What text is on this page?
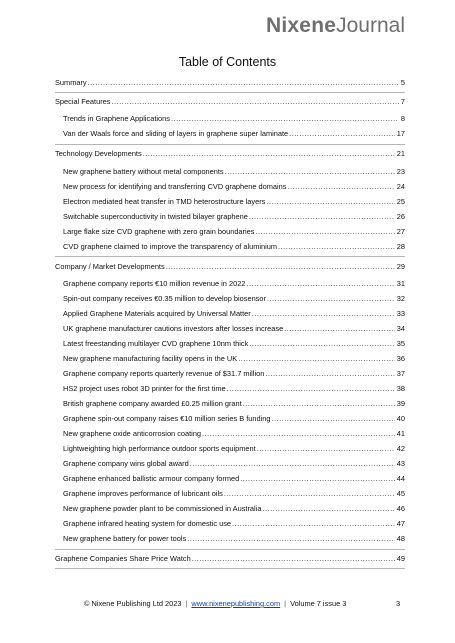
NixeneJournal
Table of Contents
Summary .....	5
Special Features .....	7
Trends in Graphene Applications .....	8
Van der Waals force and sliding of layers in graphene super laminate .....	17
Technology Developments .....	21
New graphene battery without metal components .....	23
New process for identifying and transferring CVD graphene domains .....	24
Electron mediated heat transfer in TMD heterostructure layers .....	25
Switchable superconductivity in twisted bilayer graphene .....	26
Large flake size CVD graphene with zero grain boundaries .....	27
CVD graphene claimed to improve the transparency of aluminium .....	28
Company / Market Developments .....	29
Graphene company reports €10 million revenue in 2022 .....	31
Spin-out company receives €0.35 million to develop biosensor .....	32
Applied Graphene Materials acquired by Universal Matter .....	33
UK graphene manufacturer cautions investors after losses increase .....	34
Latest freestanding multilayer CVD graphene 10nm thick .....	35
New graphene manufacturing facility opens in the UK .....	36
Graphene company reports quarterly revenue of $31.7 million .....	37
HS2 project uses robot 3D printer for the first time .....	38
British graphene company awarded £0.25 million grant .....	39
Graphene spin-out company raises €10 million series B funding .....	40
New graphene oxide anticorrosion coating .....	41
Lightweighting high performance outdoor sports equipment .....	42
Graphene company wins global award .....	43
Graphene enhanced ballistic armour company formed .....	44
Graphene improves performance of lubricant oils .....	45
New graphene powder plant to be commissioned in Australia .....	46
Graphene infrared heating system for domestic use .....	47
New graphene battery for power tools .....	48
Graphene Companies Share Price Watch .....	49
© Nixene Publishing Ltd 2023 | www.nixenepublishing.com | Volume 7 issue 3	3
